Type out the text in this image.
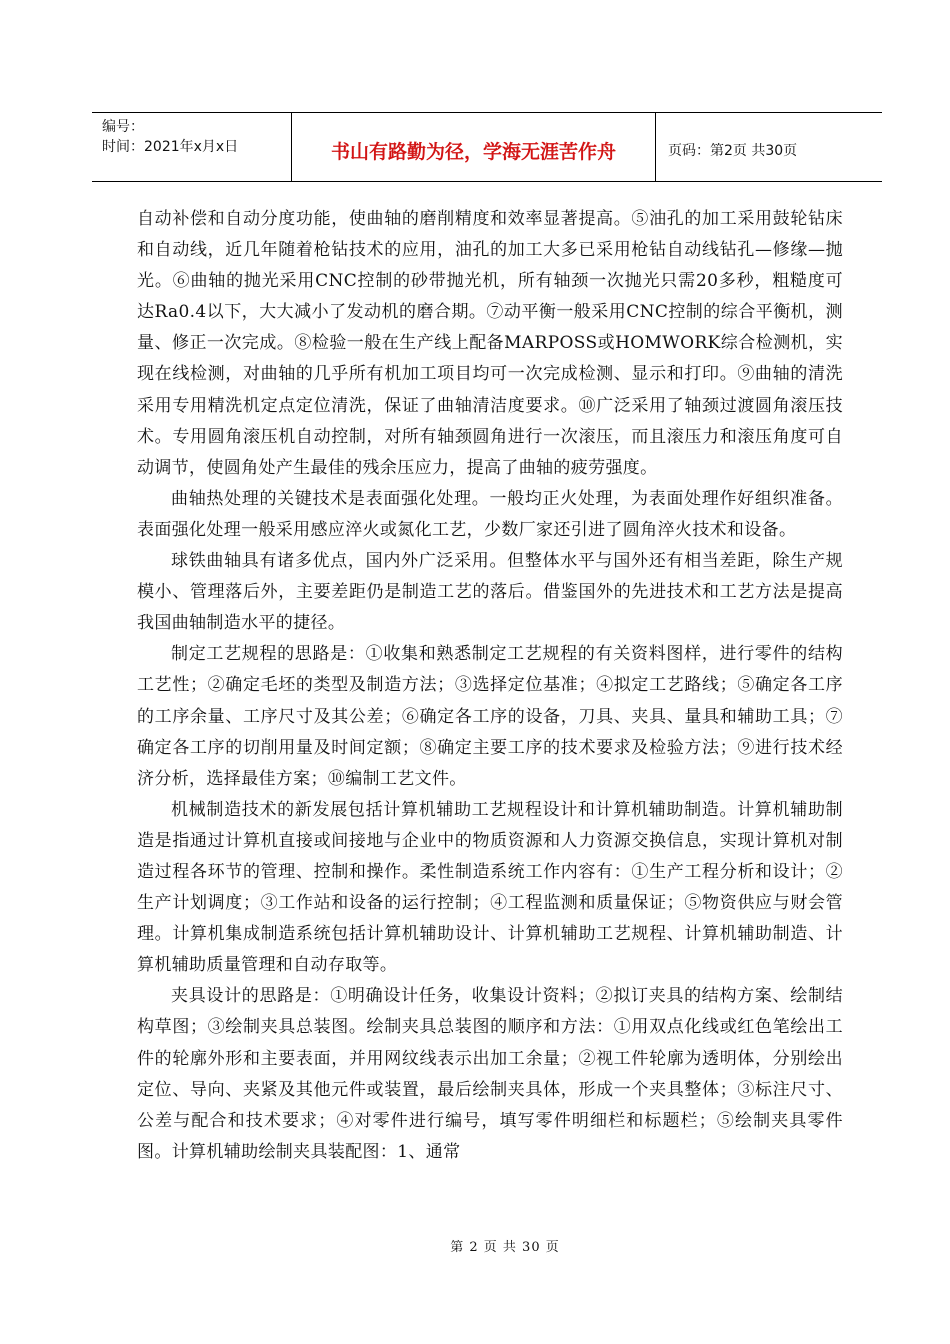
编号：
时间：2021年x月x日	书山有路勤为径，学海无涯苦作舟	页码：第2页 共30页

自动补偿和自动分度功能，使曲轴的磨削精度和效率显著提高。⑤油孔的加工采用鼓轮钻床和自动线，近几年随着枪钻技术的应用，油孔的加工大多已采用枪钻自动线钻孔—修缘—抛光。⑥曲轴的抛光采用CNC控制的砂带抛光机，所有轴颈一次抛光只需20多秒，粗糙度可达Ra0.4以下，大大减小了发动机的磨合期。⑦动平衡一般采用CNC控制的综合平衡机，测量、修正一次完成。⑧检验一般在生产线上配备MARPOSS或HOMWORK综合检测机，实现在线检测，对曲轴的几乎所有机加工项目均可一次完成检测、显示和打印。⑨曲轴的清洗采用专用精洗机定点定位清洗，保证了曲轴清洁度要求。⑩广泛采用了轴颈过渡圆角滚压技术。专用圆角滚压机自动控制，对所有轴颈圆角进行一次滚压，而且滚压力和滚压角度可自动调节，使圆角处产生最佳的残余压应力，提高了曲轴的疲劳强度。

曲轴热处理的关键技术是表面强化处理。一般均正火处理，为表面处理作好组织准备。表面强化处理一般采用感应淬火或氮化工艺，少数厂家还引进了圆角淬火技术和设备。

球铁曲轴具有诸多优点，国内外广泛采用。但整体水平与国外还有相当差距，除生产规模小、管理落后外，主要差距仍是制造工艺的落后。借鉴国外的先进技术和工艺方法是提高我国曲轴制造水平的捷径。

制定工艺规程的思路是：①收集和熟悉制定工艺规程的有关资料图样，进行零件的结构工艺性；②确定毛坯的类型及制造方法；③选择定位基准；④拟定工艺路线；⑤确定各工序的工序余量、工序尺寸及其公差；⑥确定各工序的设备，刀具、夹具、量具和辅助工具；⑦确定各工序的切削用量及时间定额；⑧确定主要工序的技术要求及检验方法；⑨进行技术经济分析，选择最佳方案；⑩编制工艺文件。

机械制造技术的新发展包括计算机辅助工艺规程设计和计算机辅助制造。计算机辅助制造是指通过计算机直接或间接地与企业中的物质资源和人力资源交换信息，实现计算机对制造过程各环节的管理、控制和操作。柔性制造系统工作内容有：①生产工程分析和设计；②生产计划调度；③工作站和设备的运行控制；④工程监测和质量保证；⑤物资供应与财会管理。计算机集成制造系统包括计算机辅助设计、计算机辅助工艺规程、计算机辅助制造、计算机辅助质量管理和自动存取等。

夹具设计的思路是：①明确设计任务，收集设计资料；②拟订夹具的结构方案、绘制结构草图；③绘制夹具总装图。绘制夹具总装图的顺序和方法：①用双点化线或红色笔绘出工件的轮廓外形和主要表面，并用网纹线表示出加工余量；②视工件轮廓为透明体，分别绘出定位、导向、夹紧及其他元件或装置，最后绘制夹具体，形成一个夹具整体；③标注尺寸、公差与配合和技术要求；④对零件进行编号，填写零件明细栏和标题栏；⑤绘制夹具零件图。计算机辅助绘制夹具装配图：1、通常

第 2 页 共 30 页
